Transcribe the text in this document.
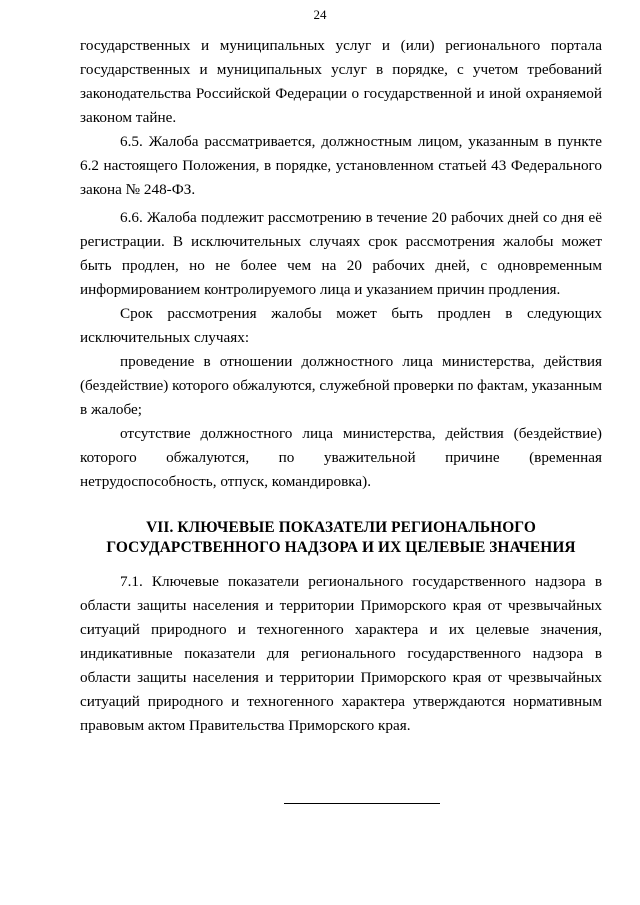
24

государственных и муниципальных услуг и (или) регионального портала государственных и муниципальных услуг в порядке, с учетом требований законодательства Российской Федерации о государственной и иной охраняемой законом тайне.

6.5. Жалоба рассматривается, должностным лицом, указанным в пункте 6.2 настоящего Положения, в порядке, установленном статьей 43 Федерального закона № 248-ФЗ.

6.6. Жалоба подлежит рассмотрению в течение 20 рабочих дней со дня её регистрации. В исключительных случаях срок рассмотрения жалобы может быть продлен, но не более чем на 20 рабочих дней, с одновременным информированием контролируемого лица и указанием причин продления.

Срок рассмотрения жалобы может быть продлен в следующих исключительных случаях:

проведение в отношении должностного лица министерства, действия (бездействие) которого обжалуются, служебной проверки по фактам, указанным в жалобе;

отсутствие должностного лица министерства, действия (бездействие) которого обжалуются, по уважительной причине (временная нетрудоспособность, отпуск, командировка).

VII. КЛЮЧЕВЫЕ ПОКАЗАТЕЛИ РЕГИОНАЛЬНОГО
ГОСУДАРСТВЕННОГО НАДЗОРА И ИХ ЦЕЛЕВЫЕ ЗНАЧЕНИЯ

7.1. Ключевые показатели регионального государственного надзора в области защиты населения и территории Приморского края от чрезвычайных ситуаций природного и техногенного характера и их целевые значения, индикативные показатели для регионального государственного надзора в области защиты населения и территории Приморского края от чрезвычайных ситуаций природного и техногенного характера утверждаются нормативным правовым актом Правительства Приморского края.
